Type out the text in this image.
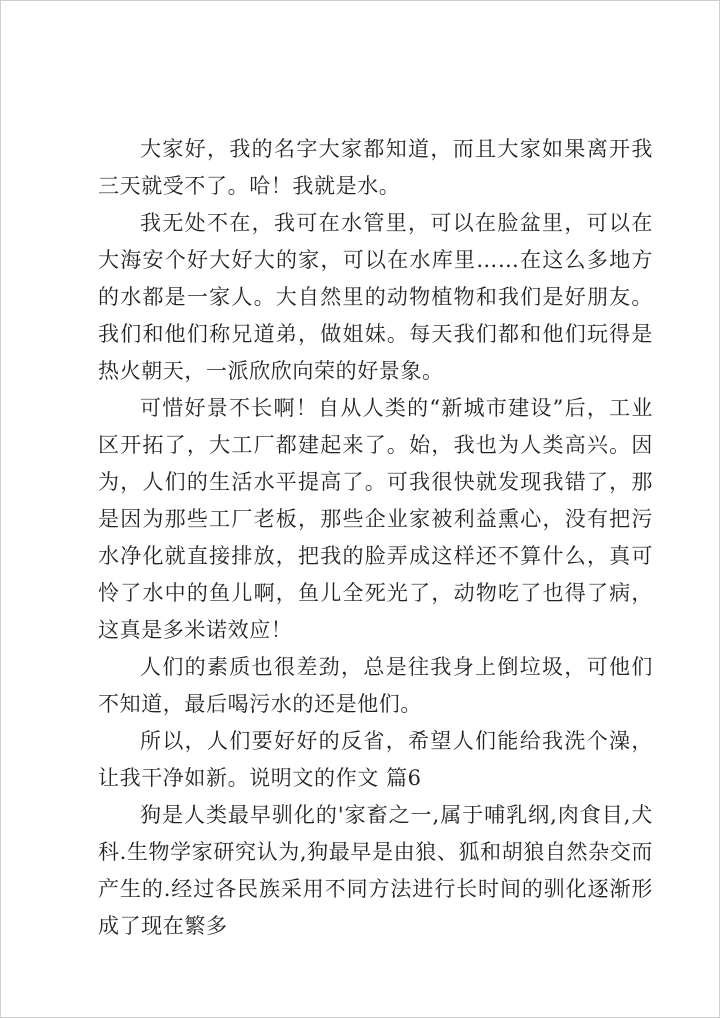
大家好，我的名字大家都知道，而且大家如果离开我三天就受不了。哈！我就是水。

我无处不在，我可在水管里，可以在脸盆里，可以在大海安个好大好大的家，可以在水库里……在这么多地方的水都是一家人。大自然里的动物植物和我们是好朋友。我们和他们称兄道弟，做姐妹。每天我们都和他们玩得是热火朝天，一派欣欣向荣的好景象。

可惜好景不长啊！自从人类的“新城市建设”后，工业区开拓了，大工厂都建起来了。始，我也为人类高兴。因为，人们的生活水平提高了。可我很快就发现我错了，那是因为那些工厂老板，那些企业家被利益熏心，没有把污水净化就直接排放，把我的脸弄成这样还不算什么，真可怜了水中的鱼儿啊，鱼儿全死光了，动物吃了也得了病，这真是多米诺效应！

人们的素质也很差劲，总是往我身上倒垃圾，可他们不知道，最后喝污水的还是他们。

所以，人们要好好的反省，希望人们能给我洗个澡，让我干净如新。说明文的作文 篇6

狗是人类最早驯化的'家畜之一,属于哺乳纲,肉食目,犬科.生物学家研究认为,狗最早是由狼、狐和胡狼自然杂交而产生的.经过各民族采用不同方法进行长时间的驯化逐渐形成了现在繁多
